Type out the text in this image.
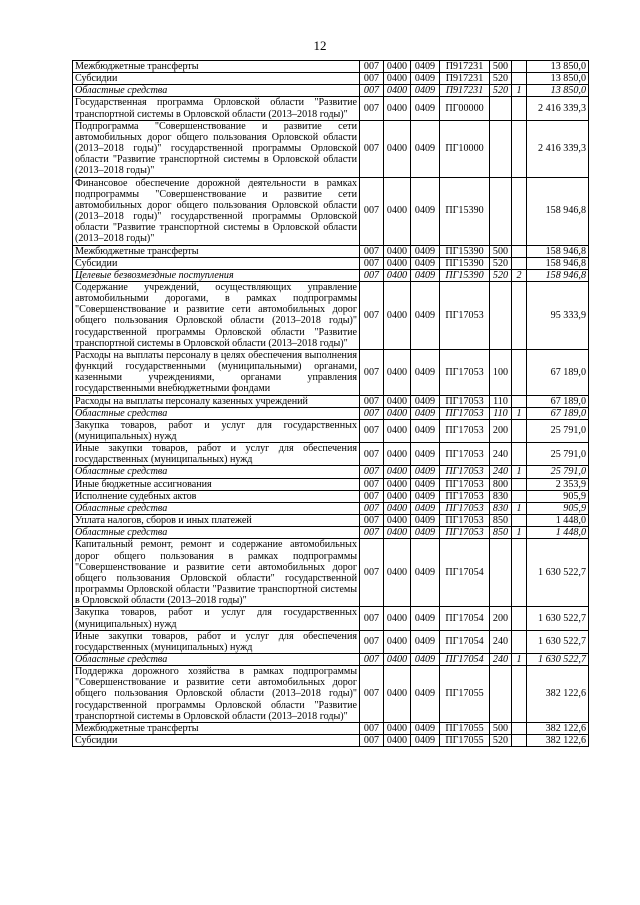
12
Межбюджетные трансферты	007	0400	0409	П917231	500		13 850,0
Субсидии	007	0400	0409	П917231	520		13 850,0
Областные средства	007	0400	0409	П917231	520	1	13 850,0
Государственная программа Орловской области "Развитие транспортной системы в Орловской области (2013–2018 годы)"	007	0400	0409	ПГ00000			2 416 339,3
Подпрограмма "Совершенствование и развитие сети автомобильных дорог общего пользования Орловской области (2013–2018 годы)" государственной программы Орловской области "Развитие транспортной системы в Орловской области (2013–2018 годы)"	007	0400	0409	ПГ10000			2 416 339,3
Финансовое обеспечение дорожной деятельности в рамках подпрограммы "Совершенствование и развитие сети автомобильных дорог общего пользования Орловской области (2013–2018 годы)" государственной программы Орловской области "Развитие транспортной системы в Орловской области (2013–2018 годы)"	007	0400	0409	ПГ15390			158 946,8
Межбюджетные трансферты	007	0400	0409	ПГ15390	500		158 946,8
Субсидии	007	0400	0409	ПГ15390	520		158 946,8
Целевые безвозмездные поступления	007	0400	0409	ПГ15390	520	2	158 946,8
Содержание учреждений, осуществляющих управление автомобильными дорогами, в рамках подпрограммы "Совершенствование и развитие сети автомобильных дорог общего пользования Орловской области (2013–2018 годы)" государственной программы Орловской области "Развитие транспортной системы в Орловской области (2013–2018 годы)"	007	0400	0409	ПГ17053			95 333,9
Расходы на выплаты персоналу в целях обеспечения выполнения функций государственными (муниципальными) органами, казенными учреждениями, органами управления государственными внебюджетными фондами	007	0400	0409	ПГ17053	100		67 189,0
Расходы на выплаты персоналу казенных учреждений	007	0400	0409	ПГ17053	110		67 189,0
Областные средства	007	0400	0409	ПГ17053	110	1	67 189,0
Закупка товаров, работ и услуг для государственных (муниципальных) нужд	007	0400	0409	ПГ17053	200		25 791,0
Иные закупки товаров, работ и услуг для обеспечения государственных (муниципальных) нужд	007	0400	0409	ПГ17053	240		25 791,0
Областные средства	007	0400	0409	ПГ17053	240	1	25 791,0
Иные бюджетные ассигнования	007	0400	0409	ПГ17053	800		2 353,9
Исполнение судебных актов	007	0400	0409	ПГ17053	830		905,9
Областные средства	007	0400	0409	ПГ17053	830	1	905,9
Уплата налогов, сборов и иных платежей	007	0400	0409	ПГ17053	850		1 448,0
Областные средства	007	0400	0409	ПГ17053	850	1	1 448,0
Капитальный ремонт, ремонт и содержание автомобильных дорог общего пользования в рамках подпрограммы "Совершенствование и развитие сети автомобильных дорог общего пользования Орловской области" государственной программы Орловской области "Развитие транспортной системы в Орловской области (2013–2018 годы)"	007	0400	0409	ПГ17054			1 630 522,7
Закупка товаров, работ и услуг для государственных (муниципальных) нужд	007	0400	0409	ПГ17054	200		1 630 522,7
Иные закупки товаров, работ и услуг для обеспечения государственных (муниципальных) нужд	007	0400	0409	ПГ17054	240		1 630 522,7
Областные средства	007	0400	0409	ПГ17054	240	1	1 630 522,7
Поддержка дорожного хозяйства в рамках подпрограммы "Совершенствование и развитие сети автомобильных дорог общего пользования Орловской области (2013–2018 годы)" государственной программы Орловской области "Развитие транспортной системы в Орловской области (2013–2018 годы)"	007	0400	0409	ПГ17055			382 122,6
Межбюджетные трансферты	007	0400	0409	ПГ17055	500		382 122,6
Субсидии	007	0400	0409	ПГ17055	520		382 122,6
